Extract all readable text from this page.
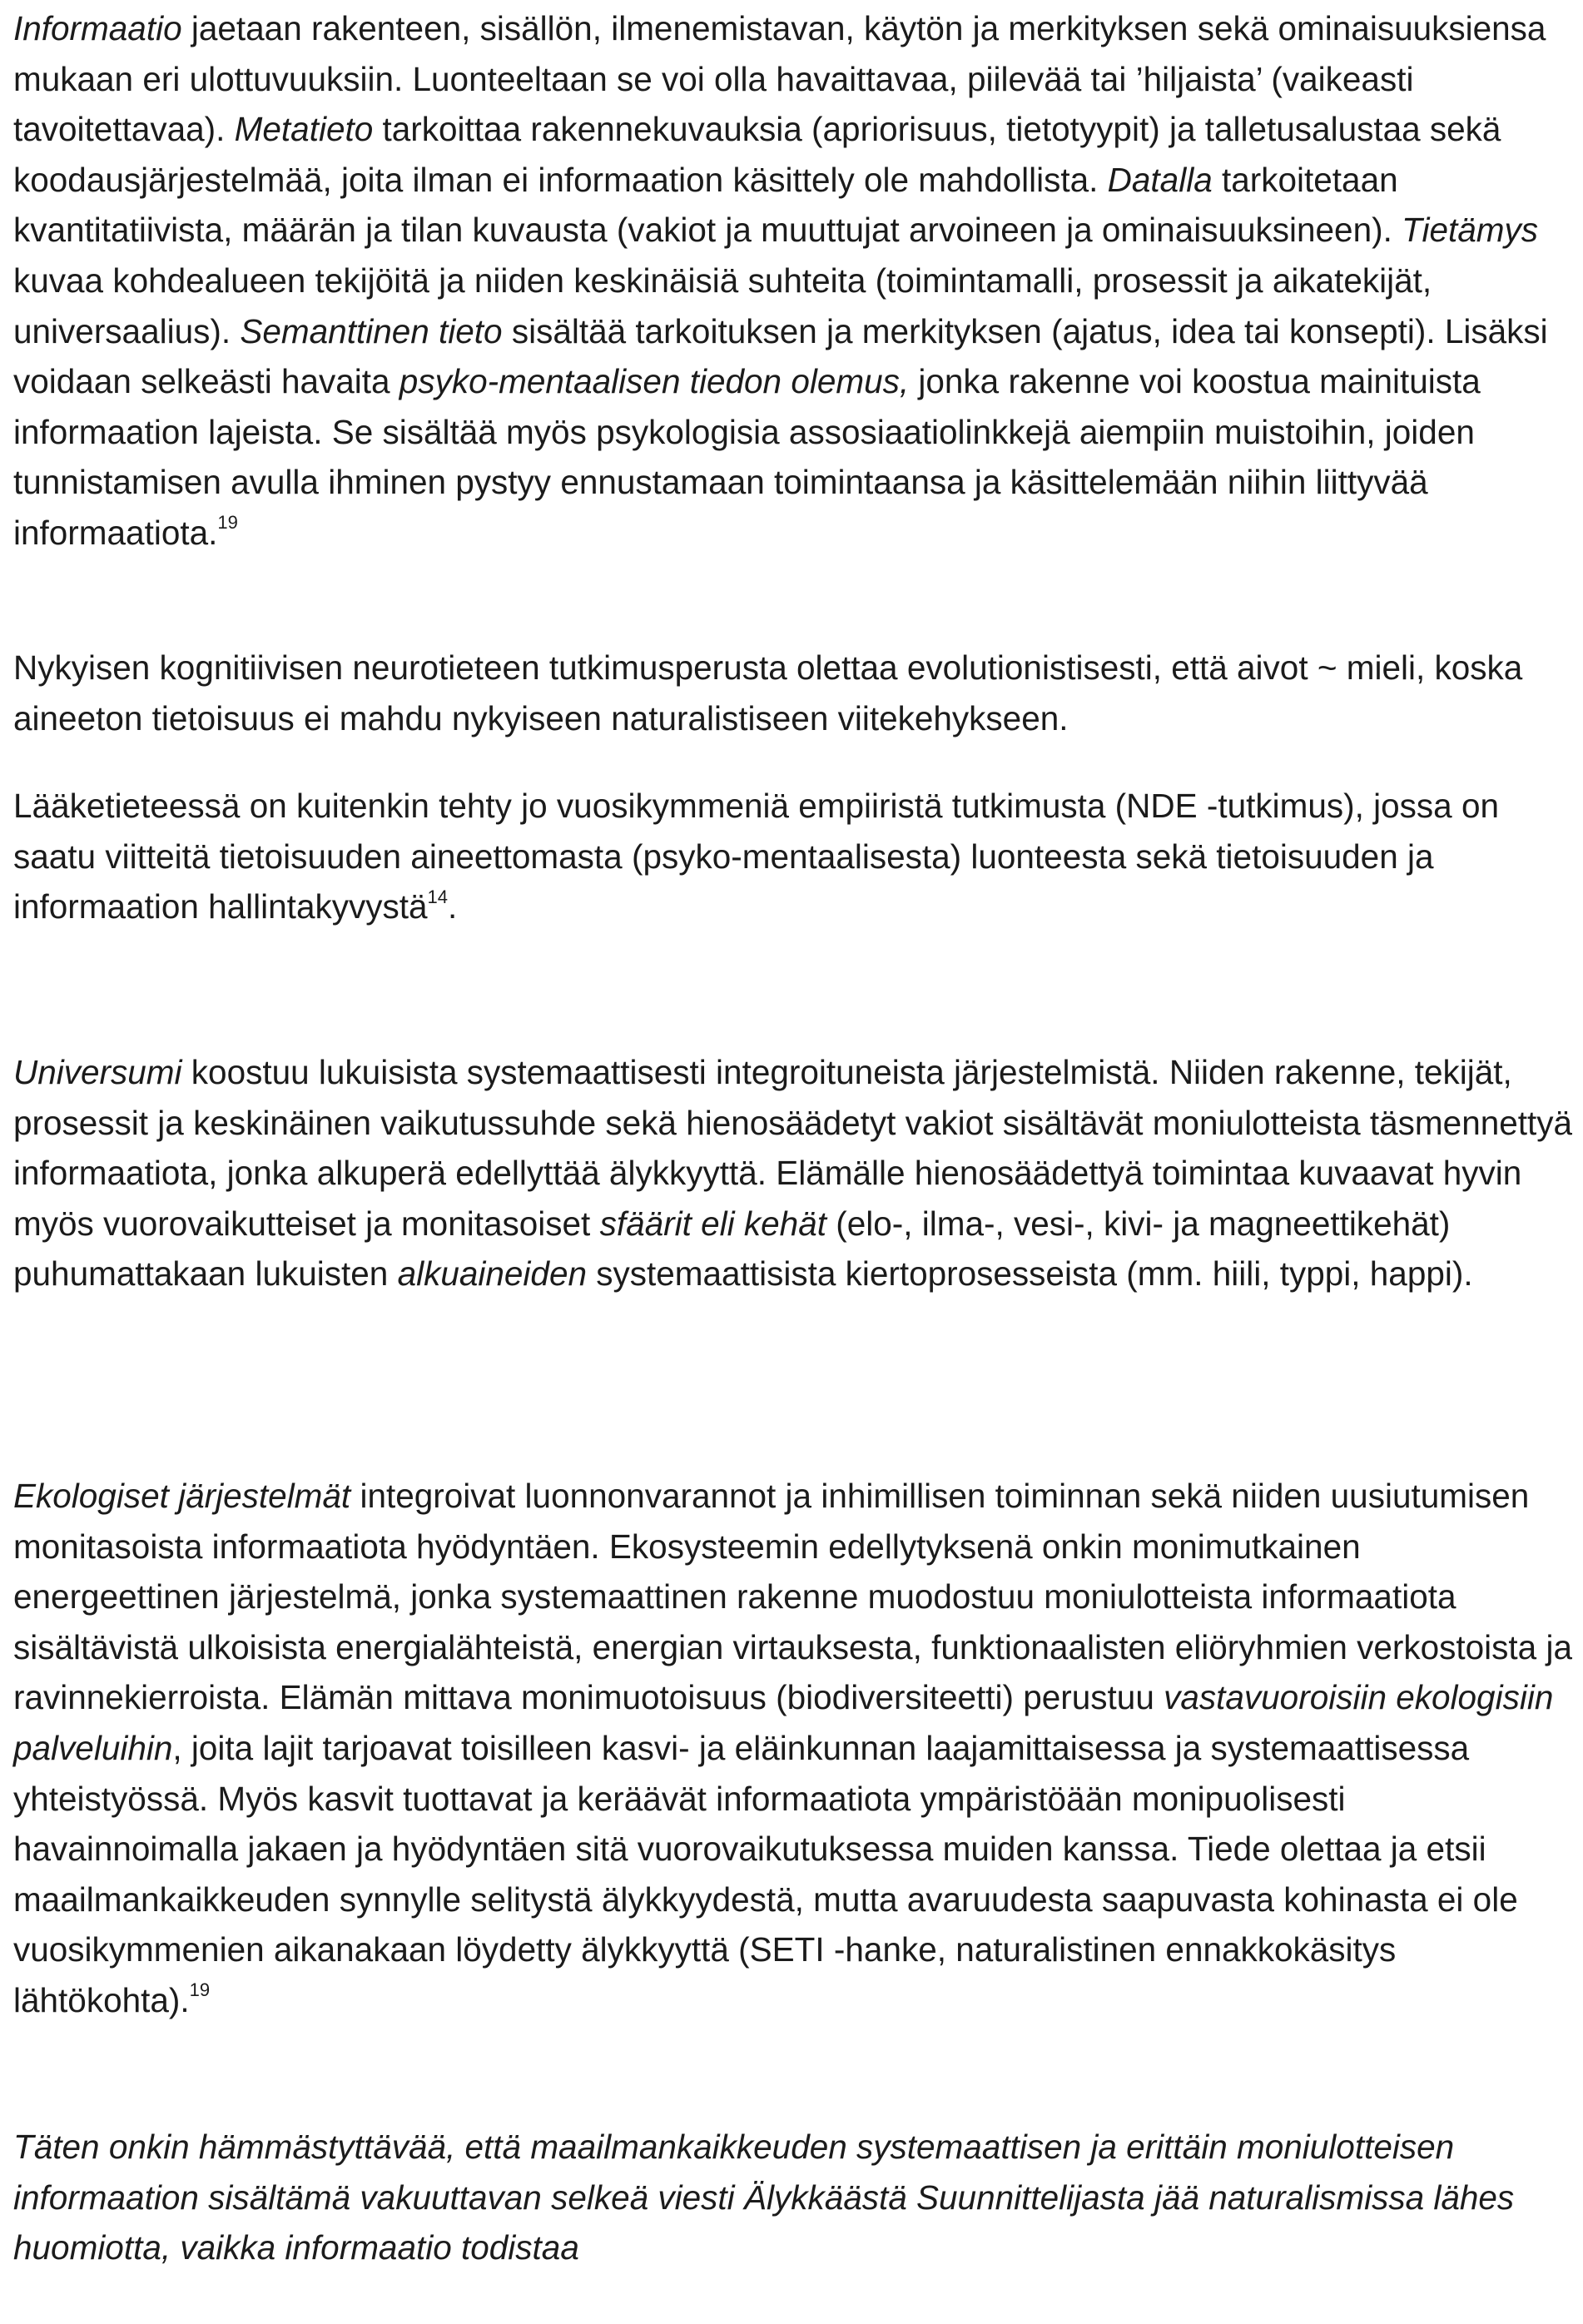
Informaatio jaetaan rakenteen, sisällön, ilmenemistavan, käytön ja merkityksen sekä ominaisuuksiensa mukaan eri ulottuvuuksiin. Luonteeltaan se voi olla havaittavaa, piilevää tai ’hiljaista’ (vaikeasti tavoitettavaa). Metatieto tarkoittaa rakennekuvauksia (apriorisuus, tietotyypit) ja talletusalustaa sekä koodausjärjestelmää, joita ilman ei informaation käsittely ole mahdollista. Datalla tarkoitetaan kvantitatiivista, määrän ja tilan kuvausta (vakiot ja muuttujat arvoineen ja ominaisuuksineen). Tietämys kuvaa kohdealueen tekijöitä ja niiden keskinäisiä suhteita (toimintamalli, prosessit ja aikatekijät, universaalius). Semanttinen tieto sisältää tarkoituksen ja merkityksen (ajatus, idea tai konsepti). Lisäksi voidaan selkeästi havaita psyko-mentaalisen tiedon olemus, jonka rakenne voi koostua mainituista informaation lajeista. Se sisältää myös psykologisia assosiaatiolinkkejä aiempiin muistoihin, joiden tunnistamisen avulla ihminen pystyy ennustamaan toimintaansa ja käsittelemään niihin liittyvää informaatiota.$^{19}$

Nykyisen kognitiivisen neurotieteen tutkimusperusta olettaa evolutionistisesti, että aivot ~ mieli, koska aineeton tietoisuus ei mahdu nykyiseen naturalistiseen viitekehykseen.

Lääketieteessä on kuitenkin tehty jo vuosikymmeniä empiiristä tutkimusta (NDE -tutkimus), jossa on saatu viitteitä tietoisuuden aineettomasta (psyko-mentaalisesta) luonteesta sekä tietoisuuden ja informaation hallintakyvystä$^{14}$.

Universumi koostuu lukuisista systemaattisesti integroituneista järjestelmistä. Niiden rakenne, tekijät, prosessit ja keskinäinen vaikutussuhde sekä hienosäädetyt vakiot sisältävät moniulotteista täsmennettyä informaatiota, jonka alkuperä edellyttää älykkyyttä. Elämälle hienosäädettyä toimintaa kuvaavat hyvin myös vuorovaikutteiset ja monitasoiset sfäärit eli kehät (elo-, ilma-, vesi-, kivi- ja magneettikehät) puhumattakaan lukuisten alkuaineiden systemaattisista kiertoprosesseista (mm. hiili, typpi, happi).

Ekologiset järjestelmät integroivat luonnonvarannot ja inhimillisen toiminnan sekä niiden uusiutumisen monitasoista informaatiota hyödyntäen. Ekosysteemin edellytyksenä onkin monimutkainen energeettinen järjestelmä, jonka systemaattinen rakenne muodostuu moniulotteista informaatiota sisältävistä ulkoisista energialähteistä, energian virtauksesta, funktionaalisten eliöryhmien verkostoista ja ravinnekierroista. Elämän mittava monimuotoisuus (biodiversiteetti) perustuu vastavuoroisiin ekologisiin palveluihin, joita lajit tarjoavat toisilleen kasvi- ja eläinkunnan laajamittaisessa ja systemaattisessa yhteistyössä. Myös kasvit tuottavat ja keräävät informaatiota ympäristöään monipuolisesti havainnoimalla jakaen ja hyödyntäen sitä vuorovaikutuksessa muiden kanssa. Tiede olettaa ja etsii maailmankaikkeuden synnylle selitystä älykkyydestä, mutta avaruudesta saapuvasta kohinasta ei ole vuosikymmenien aikanakaan löydetty älykkyyttä (SETI -hanke, naturalistinen ennakkokäsitys lähtökohta).$^{19}$

Täten onkin hämmästyttävää, että maailmankaikkeuden systemaattisen ja erittäin moniulotteisen informaation sisältämä vakuuttavan selkeä viesti Älykkäästä Suunnittelijasta jää naturalismissa lähes huomiotta, vaikka informaatio todistaa
